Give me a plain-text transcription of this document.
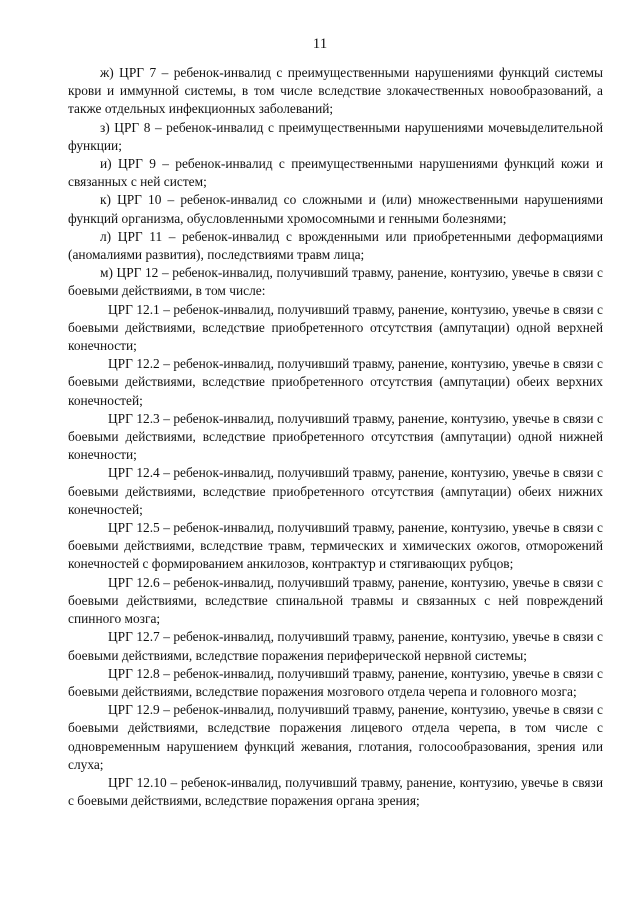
11

ж) ЦРГ 7 – ребенок-инвалид с преимущественными нарушениями функций системы крови и иммунной системы, в том числе вследствие злокачественных новообразований, а также отдельных инфекционных заболеваний;

з) ЦРГ 8 – ребенок-инвалид с преимущественными нарушениями мочевыделительной функции;

и) ЦРГ 9 – ребенок-инвалид с преимущественными нарушениями функций кожи и связанных с ней систем;

к) ЦРГ 10 – ребенок-инвалид со сложными и (или) множественными нарушениями функций организма, обусловленными хромосомными и генными болезнями;

л) ЦРГ 11 – ребенок-инвалид с врожденными или приобретенными деформациями (аномалиями развития), последствиями травм лица;

м) ЦРГ 12 – ребенок-инвалид, получивший травму, ранение, контузию, увечье в связи с боевыми действиями, в том числе:

ЦРГ 12.1 – ребенок-инвалид, получивший травму, ранение, контузию, увечье в связи с боевыми действиями, вследствие приобретенного отсутствия (ампутации) одной верхней конечности;

ЦРГ 12.2 – ребенок-инвалид, получивший травму, ранение, контузию, увечье в связи с боевыми действиями, вследствие приобретенного отсутствия (ампутации) обеих верхних конечностей;

ЦРГ 12.3 – ребенок-инвалид, получивший травму, ранение, контузию, увечье в связи с боевыми действиями, вследствие приобретенного отсутствия (ампутации) одной нижней конечности;

ЦРГ 12.4 – ребенок-инвалид, получивший травму, ранение, контузию, увечье в связи с боевыми действиями, вследствие приобретенного отсутствия (ампутации) обеих нижних конечностей;

ЦРГ 12.5 – ребенок-инвалид, получивший травму, ранение, контузию, увечье в связи с боевыми действиями, вследствие травм, термических и химических ожогов, отморожений конечностей с формированием анкилозов, контрактур и стягивающих рубцов;

ЦРГ 12.6 – ребенок-инвалид, получивший травму, ранение, контузию, увечье в связи с боевыми действиями, вследствие спинальной травмы и связанных с ней повреждений спинного мозга;

ЦРГ 12.7 – ребенок-инвалид, получивший травму, ранение, контузию, увечье в связи с боевыми действиями, вследствие поражения периферической нервной системы;

ЦРГ 12.8 – ребенок-инвалид, получивший травму, ранение, контузию, увечье в связи с боевыми действиями, вследствие поражения мозгового отдела черепа и головного мозга;

ЦРГ 12.9 – ребенок-инвалид, получивший травму, ранение, контузию, увечье в связи с боевыми действиями, вследствие поражения лицевого отдела черепа, в том числе с одновременным нарушением функций жевания, глотания, голосообразования, зрения или слуха;

ЦРГ 12.10 – ребенок-инвалид, получивший травму, ранение, контузию, увечье в связи с боевыми действиями, вследствие поражения органа зрения;
